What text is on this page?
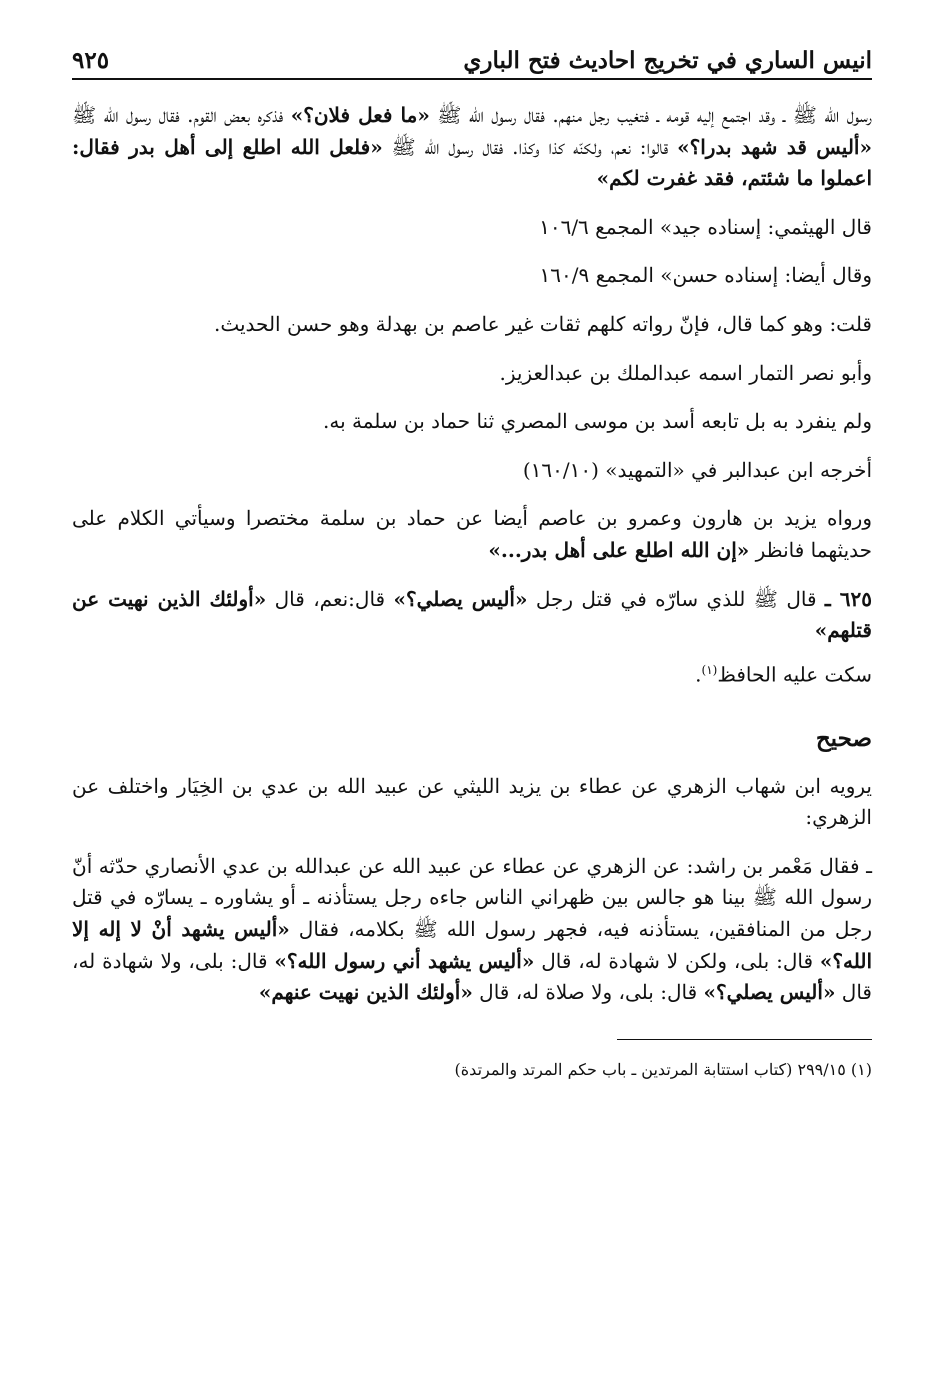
انيس الساري في تخريج احاديث فتح الباري
٩٢٥

رسول الله ﷺ ـ وقد اجتمع إليه قومه ـ فتغيب رجل منهم. فقال رسول الله ﷺ «ما فعل فلان؟» فذكره بعض القوم. فقال رسول الله ﷺ «أليس قد شهد بدرا؟» قالوا: نعم، ولكنّه كذا وكذا. فقال رسول الله ﷺ «فلعل الله اطلع إلى أهل بدر فقال: اعملوا ما شئتم، فقد غفرت لكم»

قال الهيثمي: إسناده جيد» المجمع ١٠٦/٦

وقال أيضا: إسناده حسن» المجمع ١٦٠/٩

قلت: وهو كما قال، فإنّ رواته كلهم ثقات غير عاصم بن بهدلة وهو حسن الحديث.

وأبو نصر التمار اسمه عبدالملك بن عبدالعزيز.

ولم ينفرد به بل تابعه أسد بن موسى المصري ثنا حماد بن سلمة به.

أخرجه ابن عبدالبر في «التمهيد» (١٦٠/١٠)

ورواه يزيد بن هارون وعمرو بن عاصم أيضا عن حماد بن سلمة مختصرا وسيأتي الكلام على حديثهما فانظر «إن الله اطلع على أهل بدر...»

٦٢٥ ـ قال ﷺ للذي سارّه في قتل رجل «أليس يصلي؟» قال:نعم، قال «أولئك الذين نهيت عن قتلهم»

سكت عليه الحافظ$^{(١)}$.

صحيح

يرويه ابن شهاب الزهري عن عطاء بن يزيد الليثي عن عبيد الله بن عدي بن الخِيَار واختلف عن الزهري:

ـ فقال مَعْمر بن راشد: عن الزهري عن عطاء عن عبيد الله عن عبدالله بن عدي الأنصاري حدّثه أنّ رسول الله ﷺ بينا هو جالس بين ظهراني الناس جاءه رجل يستأذنه ـ أو يشاوره ـ يسارّه في قتل رجل من المنافقين، يستأذنه فيه، فجهر رسول الله ﷺ بكلامه، فقال «أليس يشهد أنْ لا إله إلا الله؟» قال: بلى، ولكن لا شهادة له، قال «أليس يشهد أني رسول الله؟» قال: بلى، ولا شهادة له، قال «أليس يصلي؟» قال: بلى، ولا صلاة له، قال «أولئك الذين نهيت عنهم»

(١) ٢٩٩/١٥ (كتاب استتابة المرتدين ـ باب حكم المرتد والمرتدة)
